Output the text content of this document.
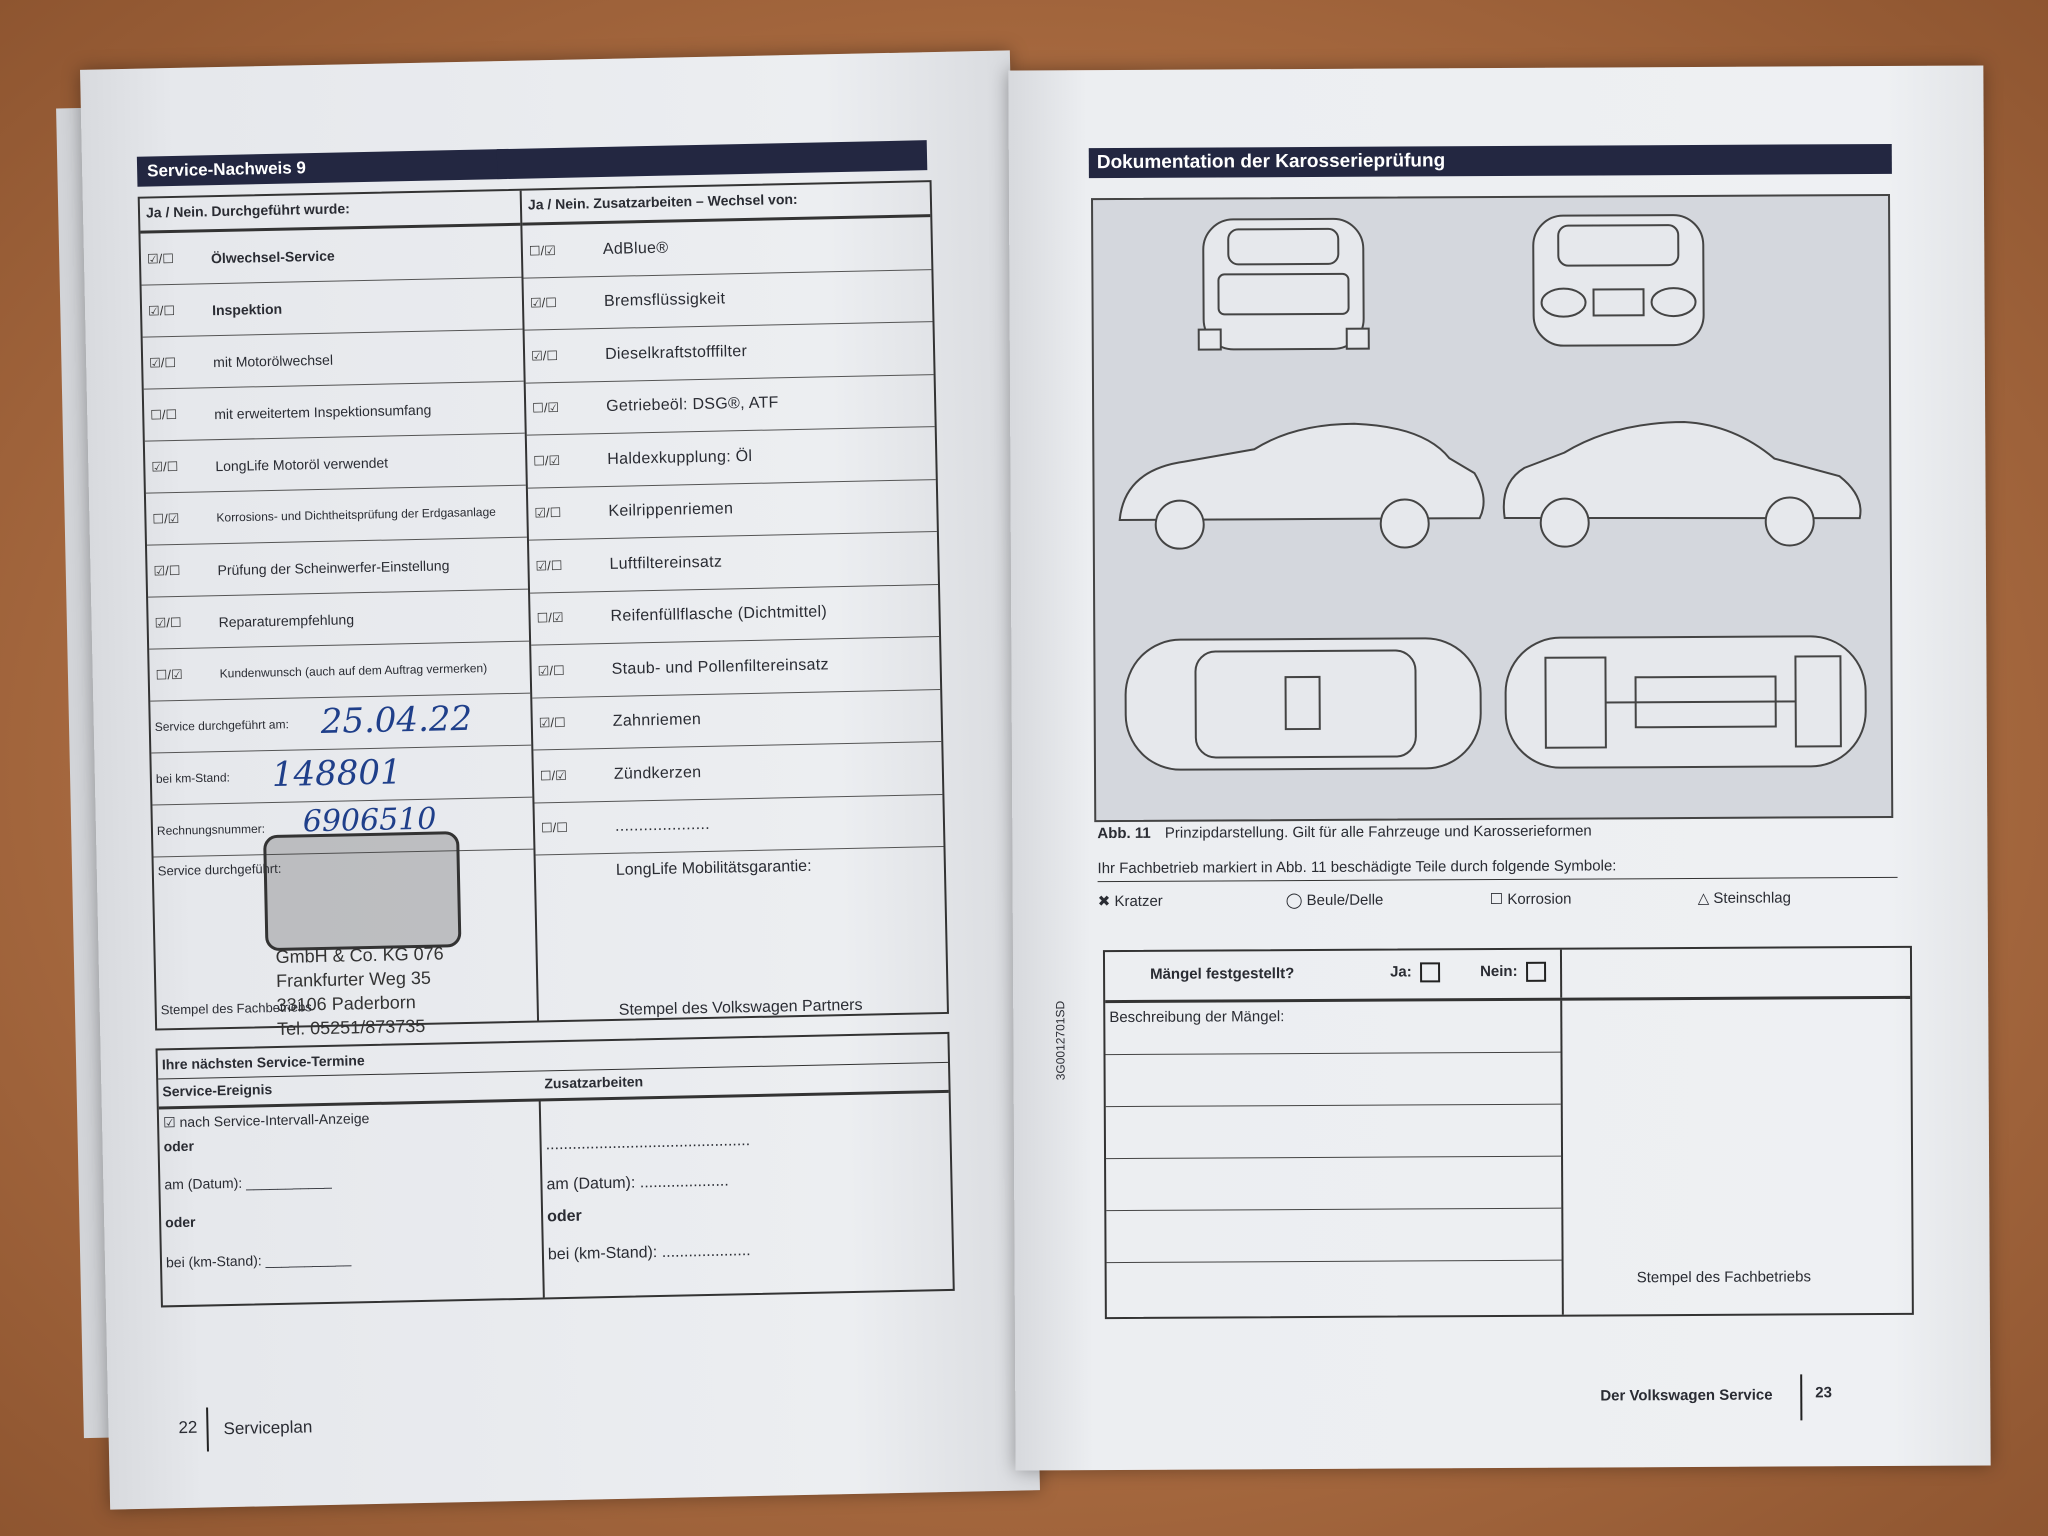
Service-Nachweis 9
Ja / Nein. Durchgeführt wurde:
☑/☐	Ölwechsel-Service
☑/☐	Inspektion
☑/☐	mit Motorölwechsel
☐/☐	mit erweitertem Inspektionsumfang
☑/☐	LongLife Motoröl verwendet
☐/☑	Korrosions- und Dichtheitsprüfung der Erdgasanlage
☑/☐	Prüfung der Scheinwerfer-Einstellung
☑/☐	Reparaturempfehlung
☐/☑	Kundenwunsch (auch auf dem Auftrag vermerken)
Service durchgeführt am: 25.04.22
bei km-Stand: 148801
Rechnungsnummer: 6906510
Service durchgeführt:
GmbH & Co. KG 076
Frankfurter Weg 35
33106 Paderborn
Tel. 05251/873735
Stempel des Fachbetriebs
Ja / Nein. Zusatzarbeiten – Wechsel von:
☐/☑	AdBlue®
☑/☐	Bremsflüssigkeit
☑/☐	Dieselkraftstofffilter
☐/☑	Getriebeöl: DSG®, ATF
☐/☑	Haldexkupplung: Öl
☑/☐	Keilrippenriemen
☑/☐	Luftfiltereinsatz
☐/☑	Reifenfüllflasche (Dichtmittel)
☑/☐	Staub- und Pollenfiltereinsatz
☑/☐	Zahnriemen
☐/☑	Zündkerzen
☐/☐	....................
LongLife Mobilitätsgarantie:
Stempel des Volkswagen Partners
Ihre nächsten Service-Termine
Service-Ereignis	Zusatzarbeiten
☑ nach Service-Intervall-Anzeige
oder
am (Datum): ___________
oder
bei (km-Stand): ___________
..............................................
am (Datum): ....................
oder
bei (km-Stand): ....................
22 Serviceplan
Dokumentation der Karosserieprüfung
Abb. 11 Prinzipdarstellung. Gilt für alle Fahrzeuge und Karosserieformen
Ihr Fachbetrieb markiert in Abb. 11 beschädigte Teile durch folgende Symbole:
✖ Kratzer	◯ Beule/Delle	☐ Korrosion	△ Steinschlag
Mängel festgestellt?	Ja:	Nein:
Beschreibung der Mängel:
Stempel des Fachbetriebs
3G0012701SD
Der Volkswagen Service	23
